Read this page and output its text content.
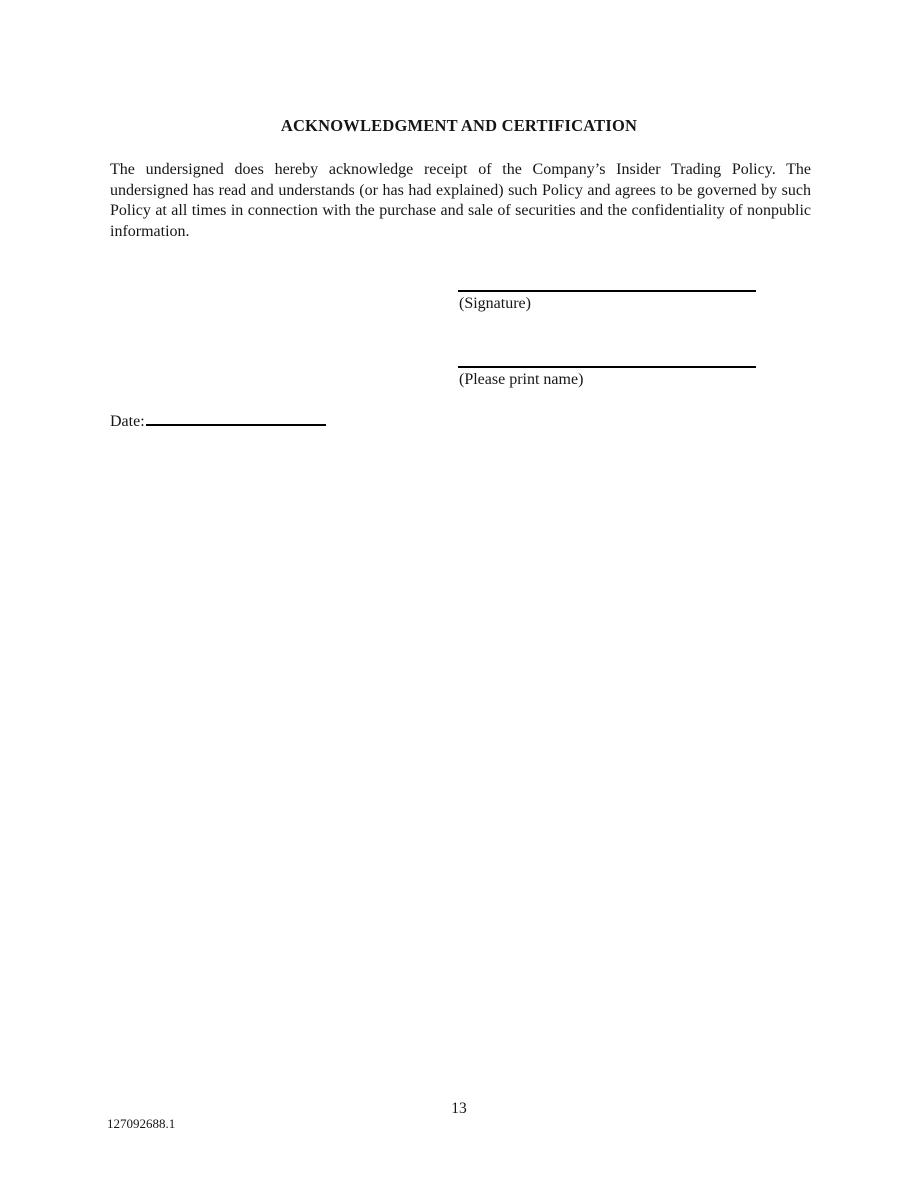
ACKNOWLEDGMENT AND CERTIFICATION
The undersigned does hereby acknowledge receipt of the Company’s Insider Trading Policy. The undersigned has read and understands (or has had explained) such Policy and agrees to be governed by such Policy at all times in connection with the purchase and sale of securities and the confidentiality of nonpublic information.
(Signature)
(Please print name)
Date:
13
127092688.1
